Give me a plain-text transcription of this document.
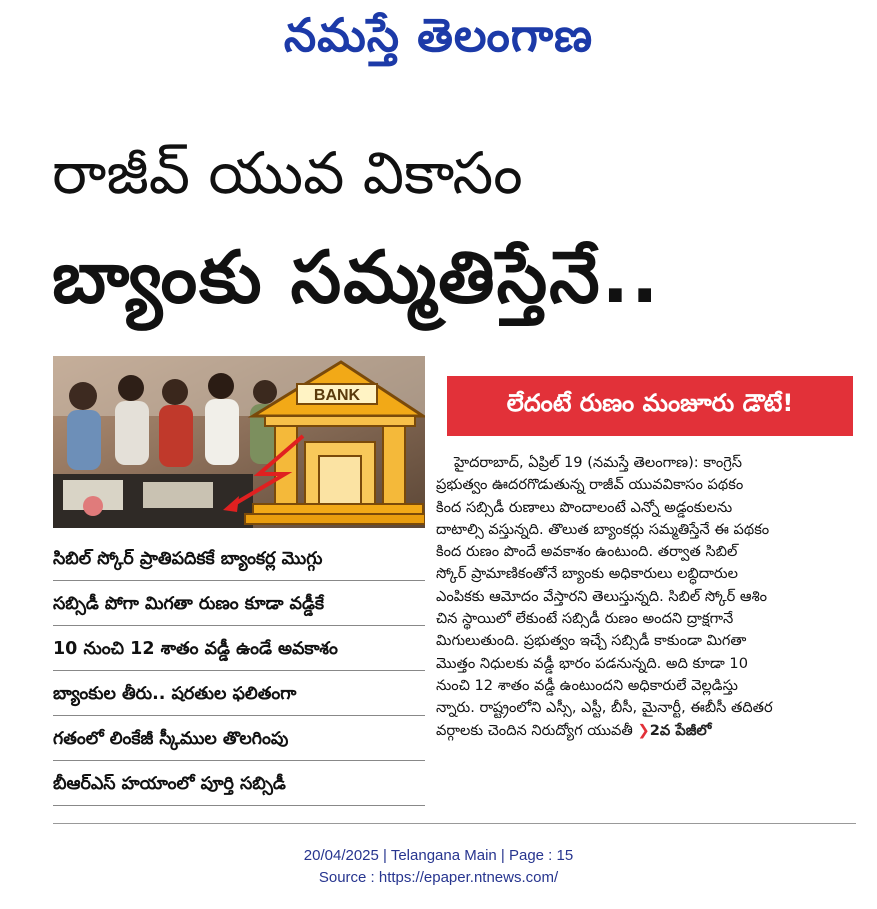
నమస్తే తెలంగాణ
రాజీవ్ యువ వికాసం
బ్యాంకు సమ్మతిస్తేనే..
BANK	లేదంటే రుణం మంజూరు డౌటే!
హైదరాబాద్, ఏప్రిల్ 19 (నమస్తే తెలంగాణ): కాంగ్రెస్
ప్రభుత్వం ఊదరగొడుతున్న రాజీవ్ యువవికాసం పథకం
కింద సబ్సిడీ రుణాలు పొందాలంటే ఎన్నో అడ్డంకులను
దాటాల్సి వస్తున్నది. తొలుత బ్యాంకర్లు సమ్మతిస్తేనే ఈ పథకం
కింద రుణం పొందే అవకాశం ఉంటుంది. తర్వాత సిబిల్
స్కోర్ ప్రామాణికంతోనే బ్యాంకు అధికారులు లబ్ధిదారుల
ఎంపికకు ఆమోదం వేస్తారని తెలుస్తున్నది. సిబిల్ స్కోర్ ఆశిం
చిన స్థాయిలో లేకుంటే సబ్సిడీ రుణం అందని ద్రాక్షగానే
మిగులుతుంది. ప్రభుత్వం ఇచ్చే సబ్సిడీ కాకుండా మిగతా
మొత్తం నిధులకు వడ్డీ భారం పడనున్నది. అది కూడా 10
నుంచి 12 శాతం వడ్డీ ఉంటుందని అధికారులే వెల్లడిస్తు
న్నారు. రాష్ట్రంలోని ఎస్సీ, ఎస్టీ, బీసీ, మైనార్టీ, ఈబీసీ తదితర
వర్గాలకు చెందిన నిరుద్యోగ యువతీ ❯2వ పేజీలో
సిబిల్ స్కోర్ ప్రాతిపదికకే బ్యాంకర్ల మొగ్గు
సబ్సిడీ పోగా మిగతా రుణం కూడా వడ్డీకే
10 నుంచి 12 శాతం వడ్డీ ఉండే అవకాశం
బ్యాంకుల తీరు.. షరతుల ఫలితంగా
గతంలో లింకేజీ స్కీముల తొలగింపు
బీఆర్ఎస్ హయాంలో పూర్తి సబ్సిడీ
20/04/2025 | Telangana Main | Page : 15
Source : https://epaper.ntnews.com/
